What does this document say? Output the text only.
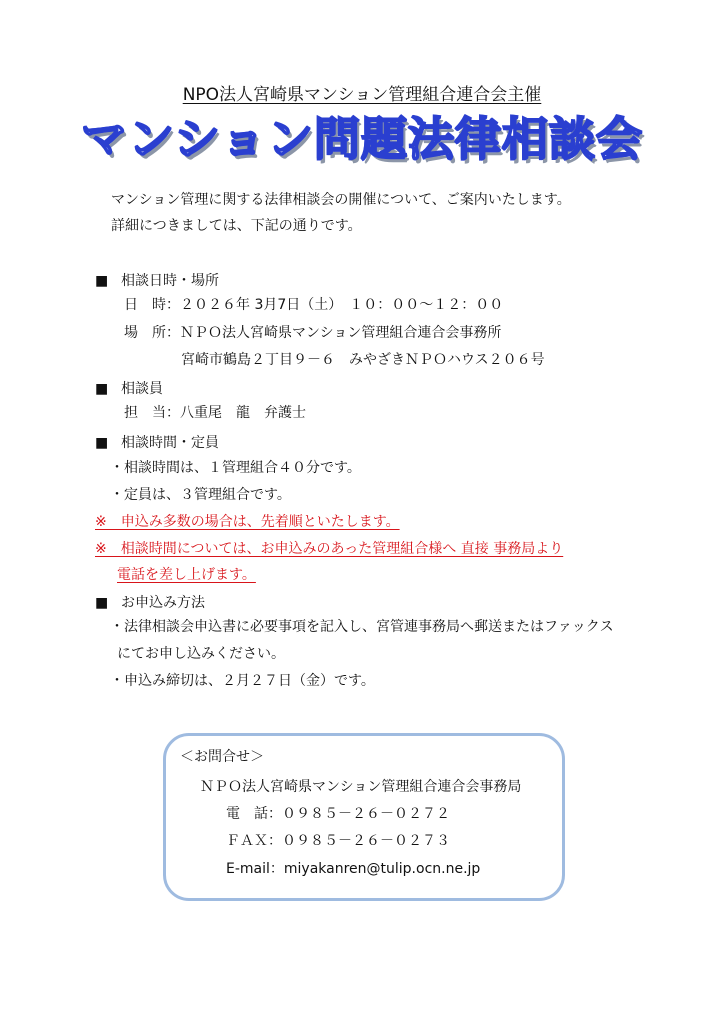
NPO法人宮崎県マンション管理組合連合会主催
マンション問題法律相談会
マンション管理に関する法律相談会の開催について、ご案内いたします。
詳細につきましては、下記の通りです。
■ 相談日時・場所
日　時：２０２６年 3月7日（土）　１０：００～１２：００
場　所：ＮＰＯ法人宮崎県マンション管理組合連合会事務所
宮崎市鶴島２丁目９－６　みやざきＮＰＯハウス２０６号
■ 相談員
担　当：八重尾　龍　弁護士
■ 相談時間・定員
・相談時間は、１管理組合４０分です。
・定員は、３管理組合です。
※　申込み多数の場合は、先着順といたします。
※　相談時間については、お申込みのあった管理組合様へ 直接 事務局より
電話を差し上げます。
■ お申込み方法
・法律相談会申込書に必要事項を記入し、宮管連事務局へ郵送またはファックス
にてお申し込みください。
・申込み締切は、２月２７日（金）です。
＜お問合せ＞
ＮＰＯ法人宮崎県マンション管理組合連合会事務局
電　話：０９８５－２６－０２７２
ＦＡＸ：０９８５－２６－０２７３
E-mail：miyakanren@tulip.ocn.ne.jp
